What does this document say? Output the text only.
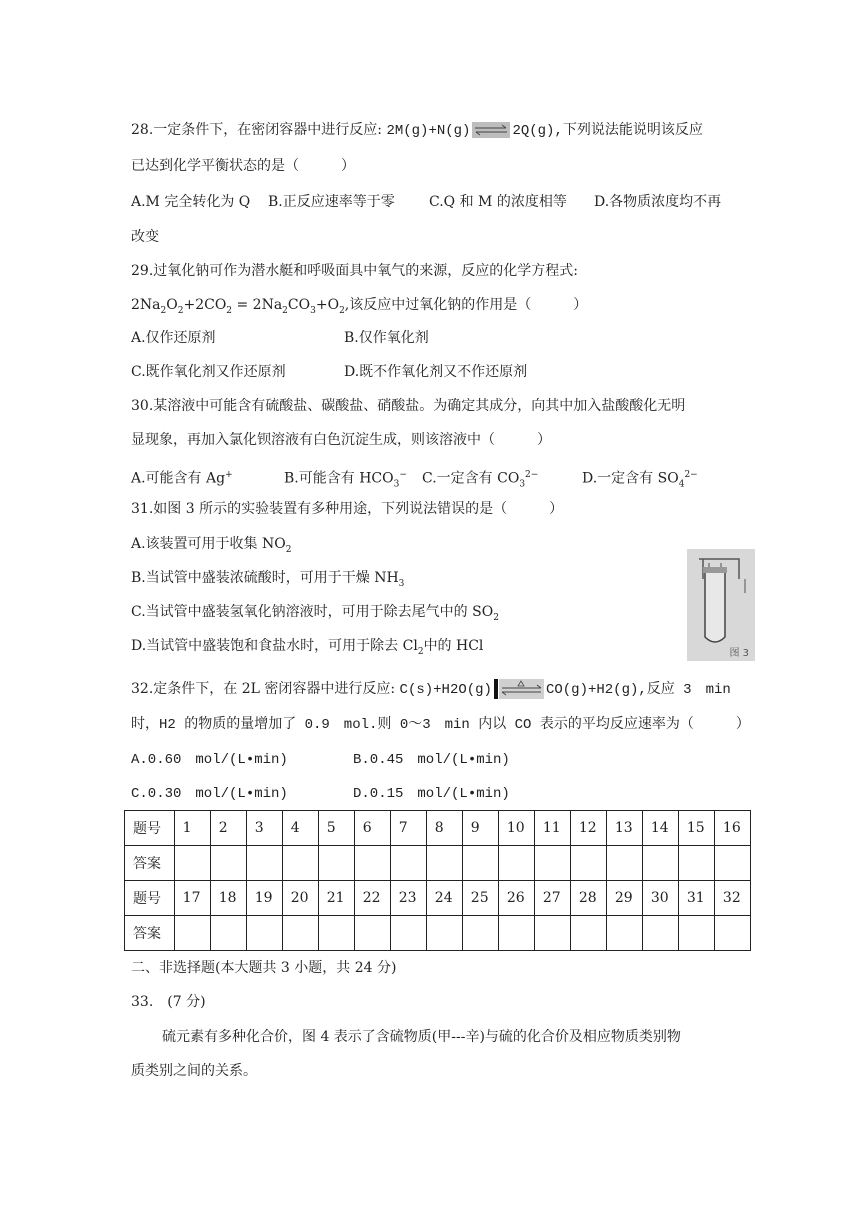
28.一定条件下，在密闭容器中进行反应: 2M(g)+N(g)	2Q(g),下列说法能说明该反应
已达到化学平衡状态的是（　　　）
A.M 完全转化为 Q B.正反应速率等于零 C.Q 和 M 的浓度相等 D.各物质浓度均不再
改变
29.过氧化钠可作为潜水艇和呼吸面具中氧气的来源，反应的化学方程式:
$2Na_2O_2+2CO_2 = 2Na_2CO_3+O_2$,该反应中过氧化钠的作用是（　　　）
A.仅作还原剂	B.仅作氧化剂
C.既作氧化剂又作还原剂	D.既不作氧化剂又不作还原剂
30.某溶液中可能含有硫酸盐、碳酸盐、硝酸盐。为确定其成分，向其中加入盐酸酸化无明
显现象，再加入氯化钡溶液有白色沉淀生成，则该溶液中（　　　）
A.可能含有 Ag+	B.可能含有 $HCO_3^-$ C.一定含有 $CO_3^{2-}$	D.一定含有 $SO_4^{2-}$
31.如图 3 所示的实验装置有多种用途，下列说法错误的是（　　　）
A.该装置可用于收集 $NO_2$
B.当试管中盛装浓硫酸时，可用于干燥 $NH_3$
C.当试管中盛装氢氧化钠溶液时，可用于除去尾气中的 $SO_2$
D.当试管中盛装饱和食盐水时，可用于除去 $Cl_2$中的 HCl	图 3
32.定条件下，在 2L 密闭容器中进行反应: C(s)+H2O(g)	CO(g)+H2(g),反应 3　min
时，H2 的物质的量增加了 0.9　mol.则 0～3　min 内以 CO 表示的平均反应速率为（　　　）
A.0.60　mol/(L•min)	B.0.45　mol/(L•min)
C.0.30　mol/(L•min)	D.0.15　mol/(L•min)
题号	1	2	3	4	5	6	7	8	9	10	11	12	13	14	15	16
答案																
题号	17	18	19	20	21	22	23	24	25	26	27	28	29	30	31	32
答案																
二、非选择题(本大题共 3 小题，共 24 分)
33.　(7 分)
硫元素有多种化合价，图 4 表示了含硫物质(甲---辛)与硫的化合价及相应物质类别物
质类别之间的关系。
